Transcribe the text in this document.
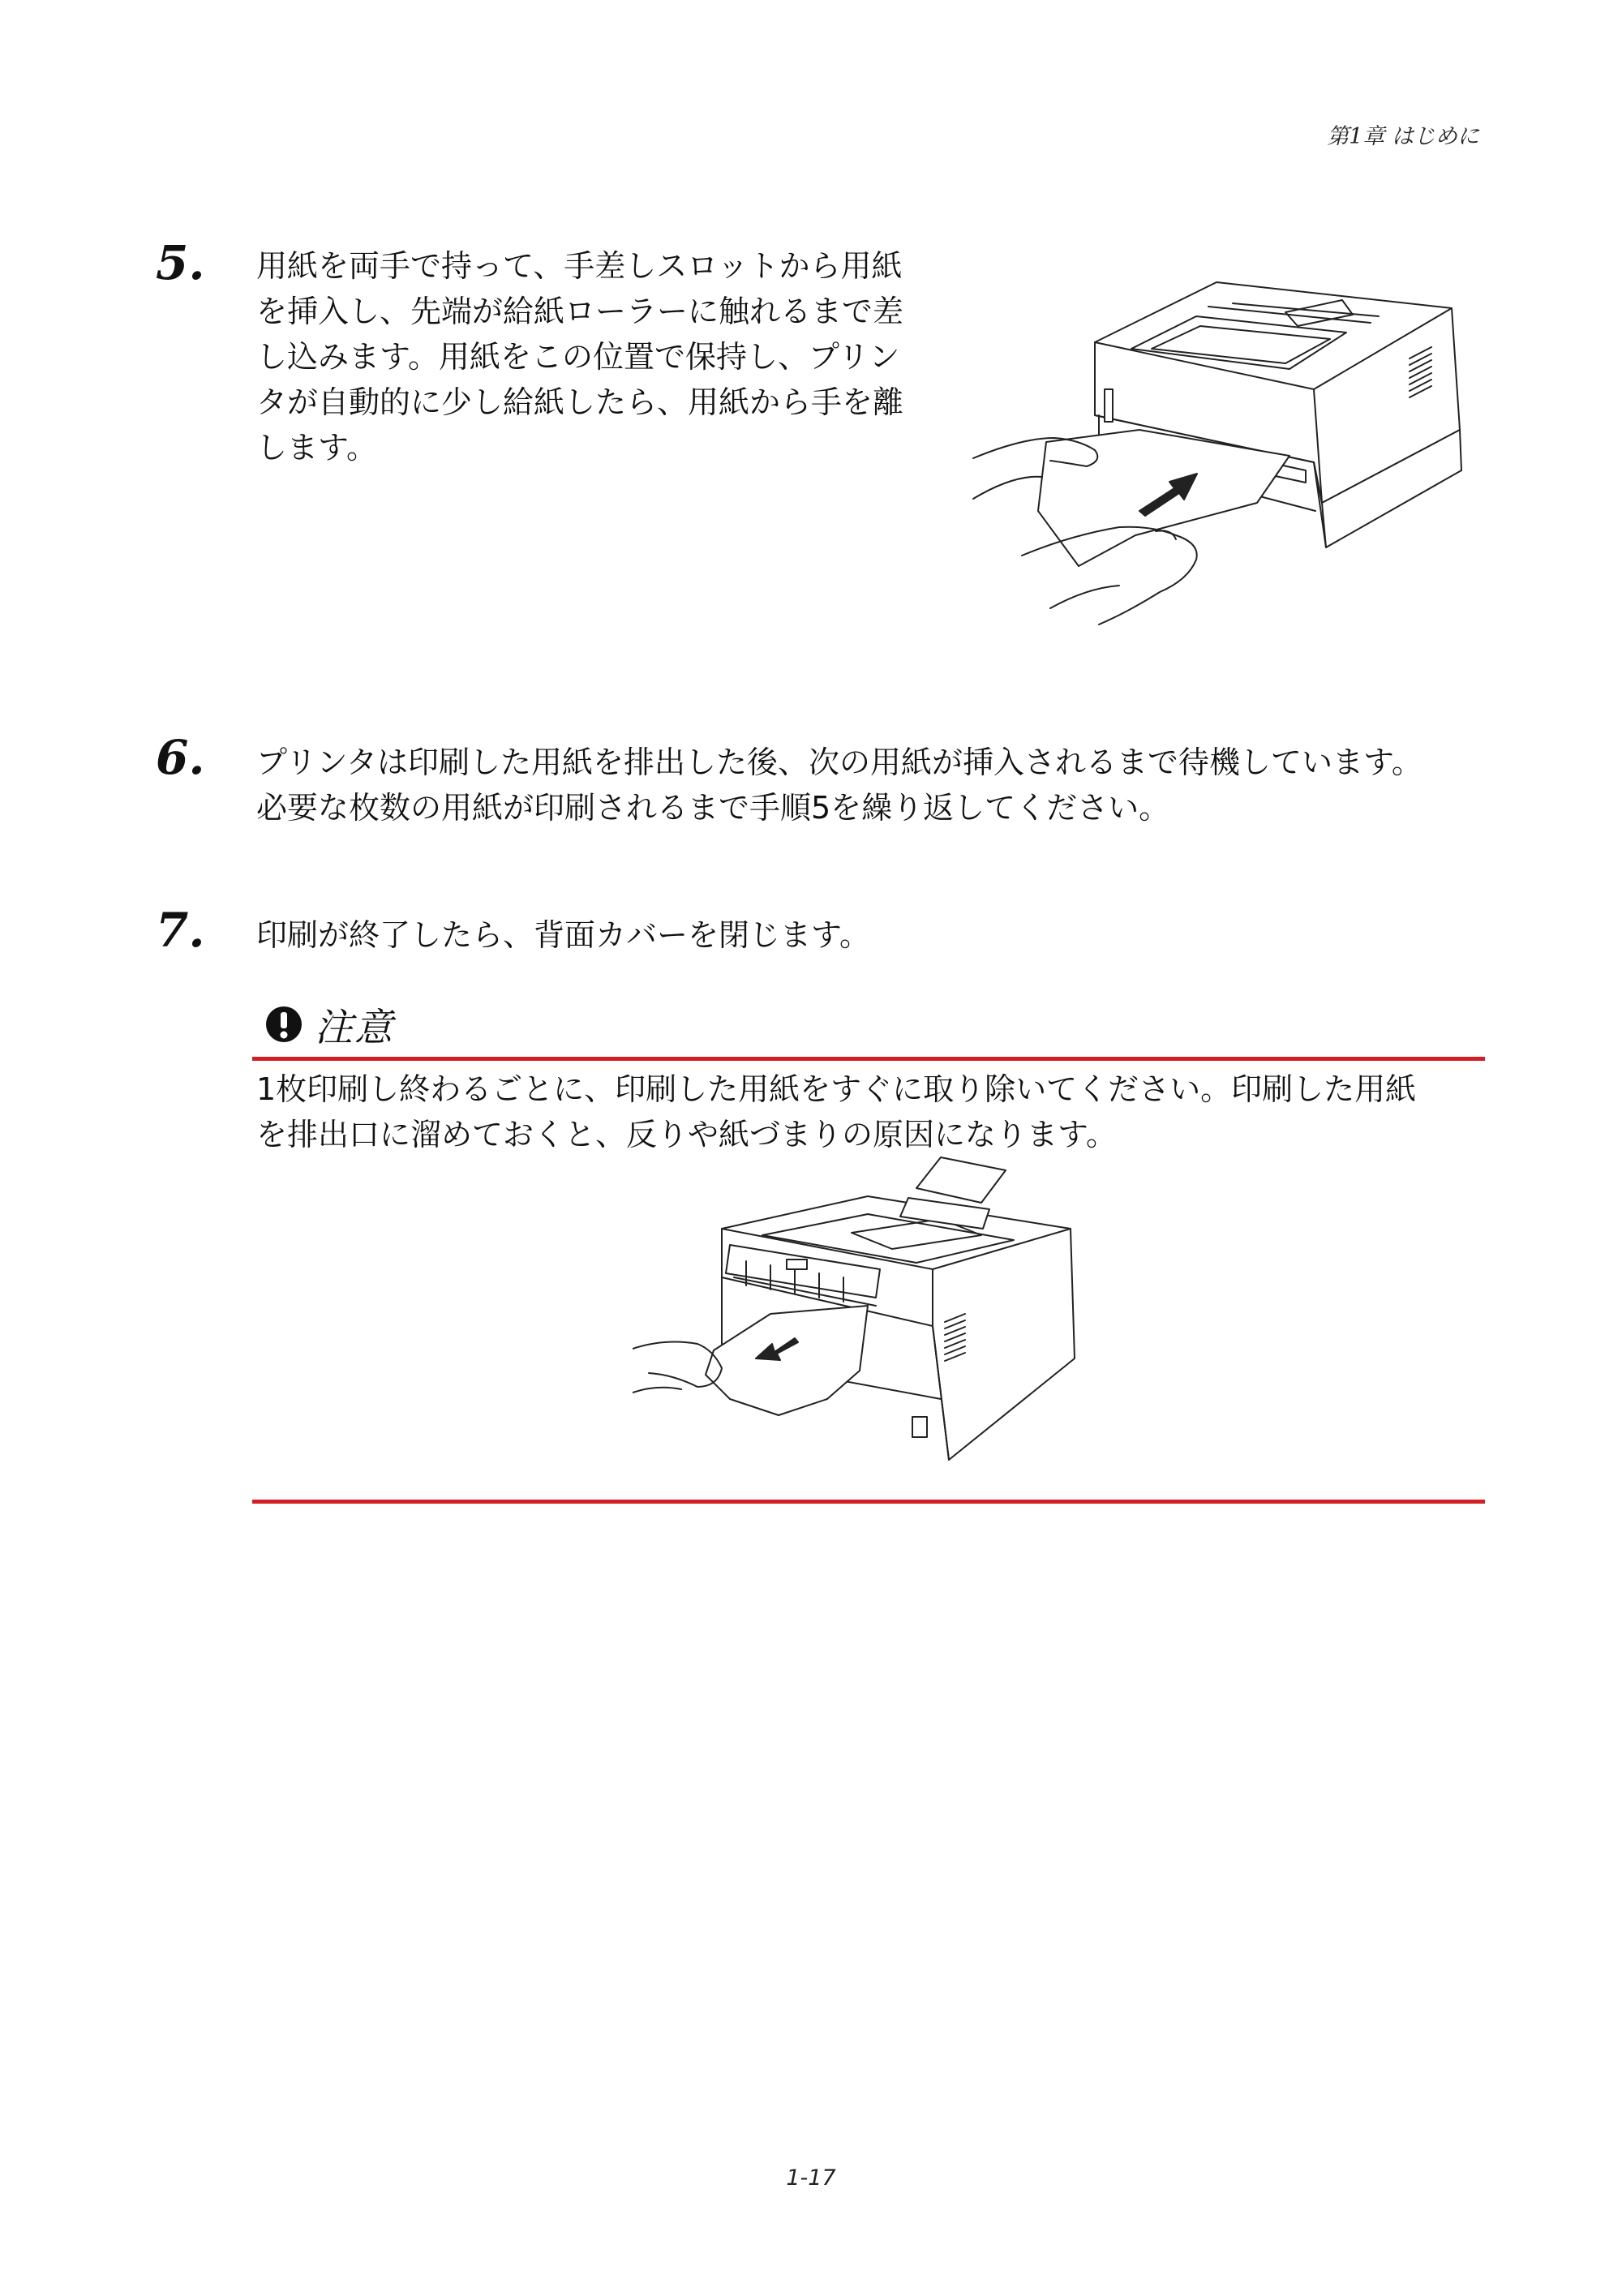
第1章 はじめに
5. 用紙を両手で持って、手差しスロットから用紙
を挿入し、先端が給紙ローラーに触れるまで差
し込みます。用紙をこの位置で保持し、プリン
タが自動的に少し給紙したら、用紙から手を離
します。
6. プリンタは印刷した用紙を排出した後、次の用紙が挿入されるまで待機しています。
必要な枚数の用紙が印刷されるまで手順5を繰り返してください。
7. 印刷が終了したら、背面カバーを閉じます。
注意
1枚印刷し終わるごとに、印刷した用紙をすぐに取り除いてください。印刷した用紙
を排出口に溜めておくと、反りや紙づまりの原因になります。
1-17
